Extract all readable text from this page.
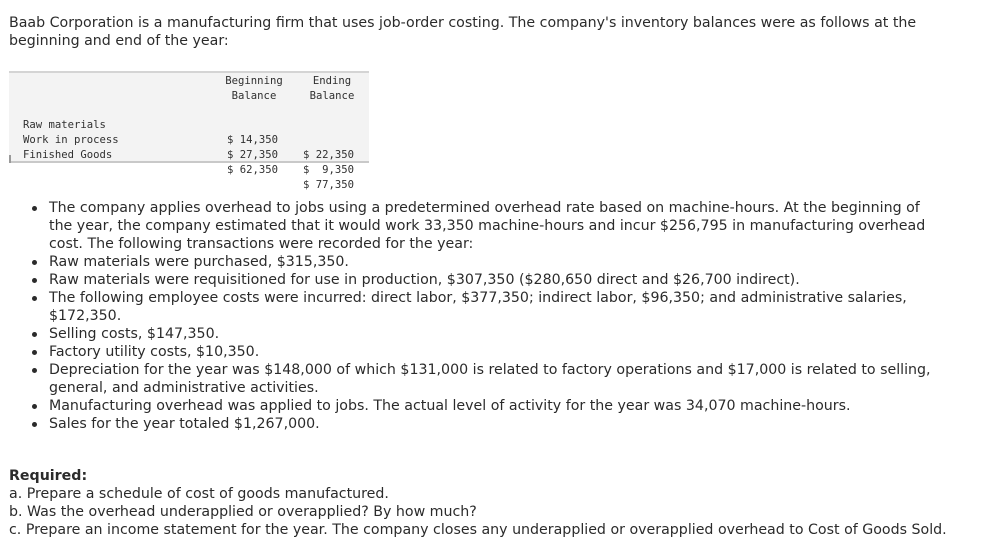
Baab Corporation is a manufacturing firm that uses job-order costing. The company's inventory balances were as follows at the beginning and end of the year:
Beginning
Balance
Ending
Balance

Raw materials

$ 14,350

$ 22,350

Work in process

$ 27,350

$  9,350

Finished Goods

$ 62,350

$ 77,350

The company applies overhead to jobs using a predetermined overhead rate based on machine-hours. At the beginning of the year, the company estimated that it would work 33,350 machine-hours and incur $256,795 in manufacturing overhead cost. The following transactions were recorded for the year:
Raw materials were purchased, $315,350.
Raw materials were requisitioned for use in production, $307,350 ($280,650 direct and $26,700 indirect).
The following employee costs were incurred: direct labor, $377,350; indirect labor, $96,350; and administrative salaries, $172,350.
Selling costs, $147,350.
Factory utility costs, $10,350.
Depreciation for the year was $148,000 of which $131,000 is related to factory operations and $17,000 is related to selling, general, and administrative activities.
Manufacturing overhead was applied to jobs. The actual level of activity for the year was 34,070 machine-hours.
Sales for the year totaled $1,267,000.
Required:
a. Prepare a schedule of cost of goods manufactured.
b. Was the overhead underapplied or overapplied? By how much?
c. Prepare an income statement for the year. The company closes any underapplied or overapplied overhead to Cost of Goods Sold.
